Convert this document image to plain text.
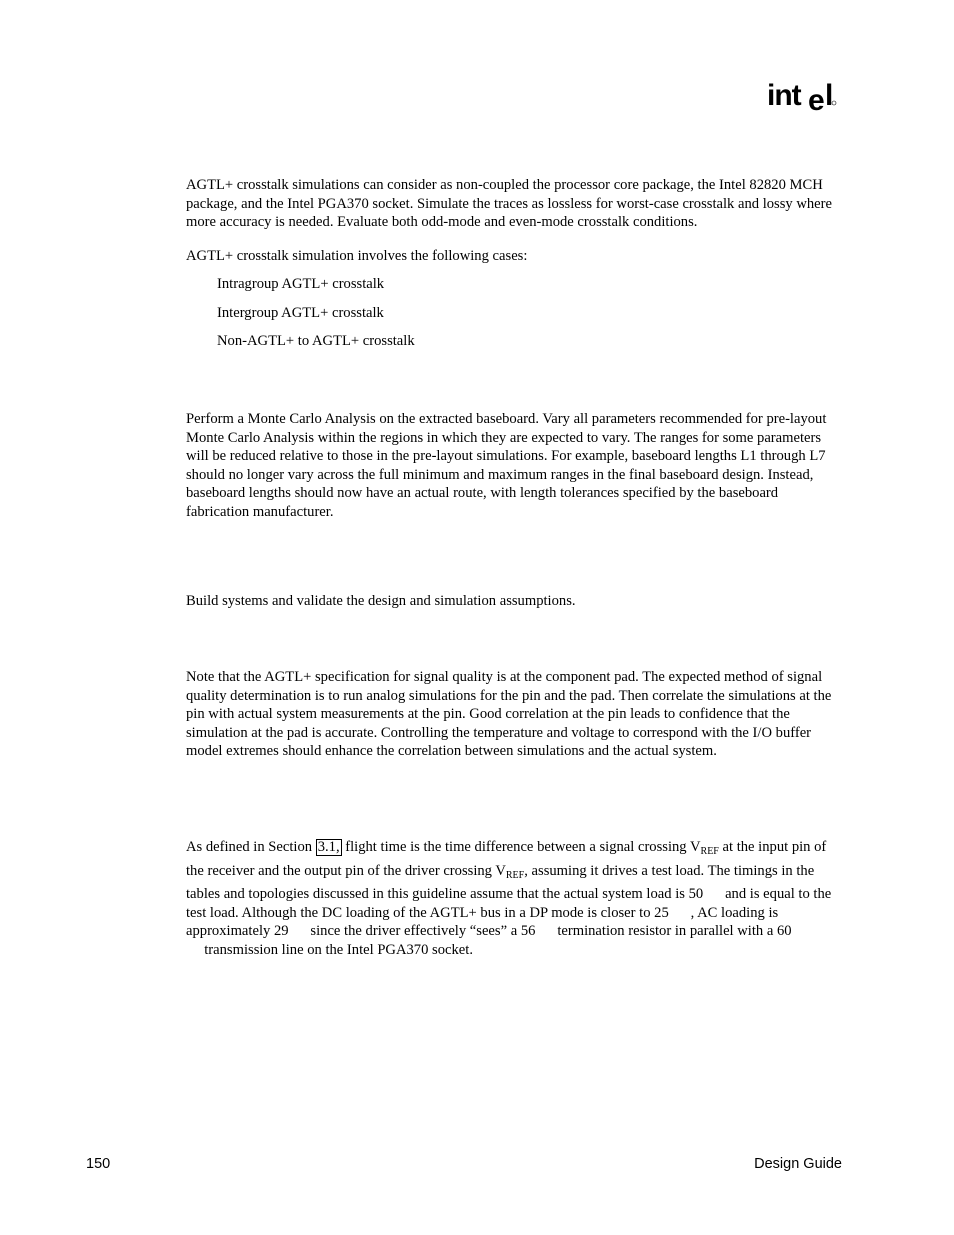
int e l

AGTL+ crosstalk simulations can consider as non-coupled the processor core package, the Intel 82820 MCH package, and the Intel PGA370 socket. Simulate the traces as lossless for worst-case crosstalk and lossy where more accuracy is needed. Evaluate both odd-mode and even-mode crosstalk conditions.

AGTL+ crosstalk simulation involves the following cases:

Intragroup AGTL+ crosstalk
Intergroup AGTL+ crosstalk
Non-AGTL+ to AGTL+ crosstalk

Perform a Monte Carlo Analysis on the extracted baseboard. Vary all parameters recommended for pre-layout Monte Carlo Analysis within the regions in which they are expected to vary. The ranges for some parameters will be reduced relative to those in the pre-layout simulations. For example, baseboard lengths L1 through L7 should no longer vary across the full minimum and maximum ranges in the final baseboard design. Instead, baseboard lengths should now have an actual route, with length tolerances specified by the baseboard fabrication manufacturer.

Build systems and validate the design and simulation assumptions.

Note that the AGTL+ specification for signal quality is at the component pad. The expected method of signal quality determination is to run analog simulations for the pin and the pad. Then correlate the simulations at the pin with actual system measurements at the pin. Good correlation at the pin leads to confidence that the simulation at the pad is accurate. Controlling the temperature and voltage to correspond with the I/O buffer model extremes should enhance the correlation between simulations and the actual system.

As defined in Section 3.1, flight time is the time difference between a signal crossing $V_{REF}$ at the input pin of the receiver and the output pin of the driver crossing $V_{REF}$, assuming it drives a test load. The timings in the tables and topologies discussed in this guideline assume that the actual system load is 50      and is equal to the test load. Although the DC loading of the AGTL+ bus in a DP mode is closer to 25      , AC loading is approximately 29      since the driver effectively “sees” a 56      termination resistor in parallel with a 60      transmission line on the Intel PGA370 socket.

150	Design Guide
